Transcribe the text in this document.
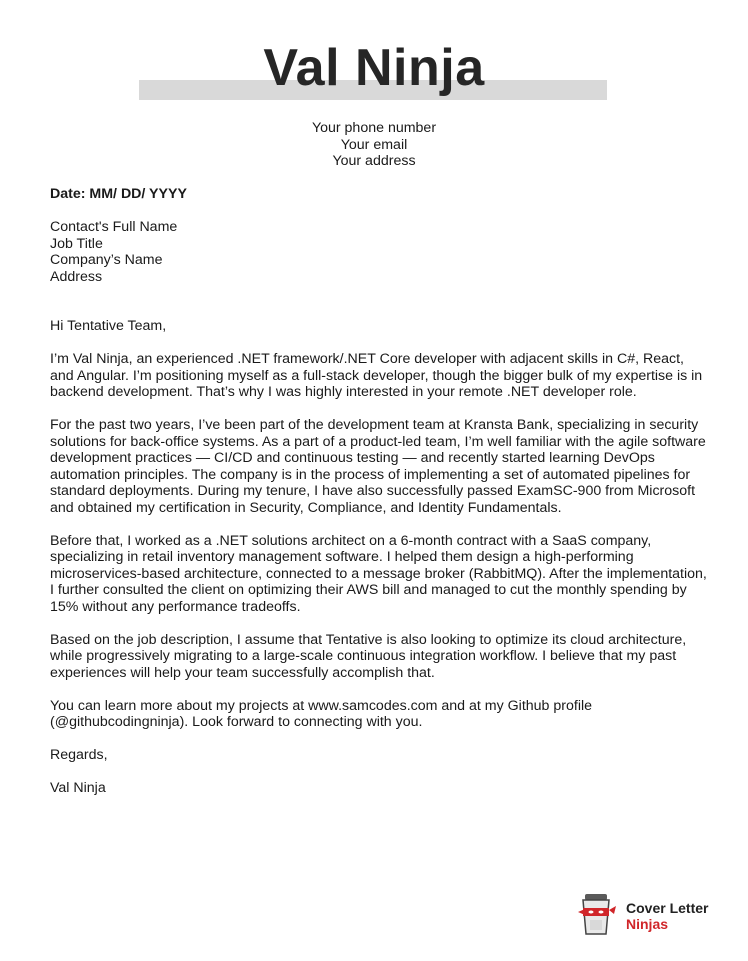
Val Ninja
Your phone number
Your email
Your address
Date: MM/ DD/ YYYY
Contact's Full Name
Job Title
Company’s Name
Address

Hi Tentative Team,

I’m Val Ninja, an experienced .NET framework/.NET Core developer with adjacent skills in C#, React, and Angular. I’m positioning myself as a full-stack developer, though the bigger bulk of my expertise is in backend development. That’s why I was highly interested in your remote .NET developer role.

For the past two years, I’ve been part of the development team at Kransta Bank, specializing in security solutions for back-office systems. As a part of a product-led team, I’m well familiar with the agile software development practices — CI/CD and continuous testing — and recently started learning DevOps automation principles. The company is in the process of implementing a set of automated pipelines for standard deployments. During my tenure, I have also successfully passed ExamSC-900 from Microsoft and obtained my certification in Security, Compliance, and Identity Fundamentals.

Before that, I worked as a .NET solutions architect on a 6-month contract with a SaaS company, specializing in retail inventory management software. I helped them design a high-performing microservices-based architecture, connected to a message broker (RabbitMQ). After the implementation, I further consulted the client on optimizing their AWS bill and managed to cut the monthly spending by 15% without any performance tradeoffs.

Based on the job description, I assume that Tentative is also looking to optimize its cloud architecture, while progressively migrating to a large-scale continuous integration workflow. I believe that my past experiences will help your team successfully accomplish that.

You can learn more about my projects at www.samcodes.com and at my Github profile (@githubcodingninja). Look forward to connecting with you.

Regards,

Val Ninja

Cover Letter
Ninjas
